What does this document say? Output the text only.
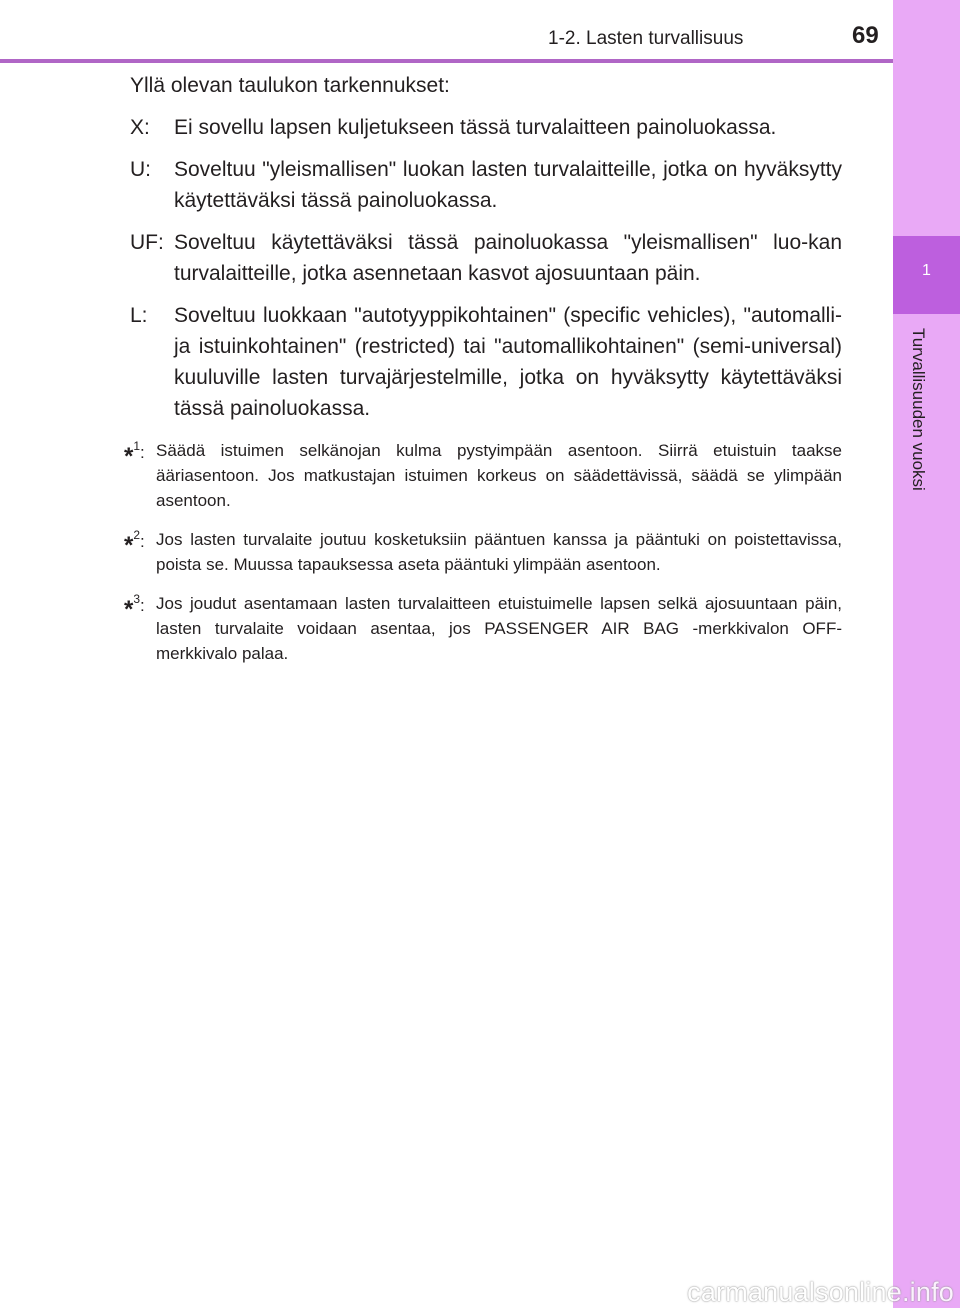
1
Turvallisuuden vuoksi
1-2. Lasten turvallisuus	69

Yllä olevan taulukon tarkennukset:

X: Ei sovellu lapsen kuljetukseen tässä turvalaitteen painoluokassa.
U: Soveltuu "yleismallisen" luokan lasten turvalaitteille, jotka on hyväksytty käytettäväksi tässä painoluokassa.
UF: Soveltuu käytettäväksi tässä painoluokassa "yleismallisen" luo-kan turvalaitteille, jotka asennetaan kasvot ajosuuntaan päin.
L: Soveltuu luokkaan "autotyyppikohtainen" (specific vehicles), "automalli- ja istuinkohtainen" (restricted) tai "automallikohtainen" (semi-universal) kuuluville lasten turvajärjestelmille, jotka on hyväksytty käytettäväksi tässä painoluokassa.
*$^1$: Säädä istuimen selkänojan kulma pystyimpään asentoon. Siirrä etuistuin taakse ääriasentoon. Jos matkustajan istuimen korkeus on säädettävissä, säädä se ylimpään asentoon.
*$^2$: Jos lasten turvalaite joutuu kosketuksiin pääntuen kanssa ja pääntuki on poistettavissa, poista se. Muussa tapauksessa aseta pääntuki ylimpään asentoon.
*$^3$: Jos joudut asentamaan lasten turvalaitteen etuistuimelle lapsen selkä ajosuuntaan päin, lasten turvalaite voidaan asentaa, jos PASSENGER AIR BAG -merkkivalon OFF-merkkivalo palaa.
carmanualsonline.info
